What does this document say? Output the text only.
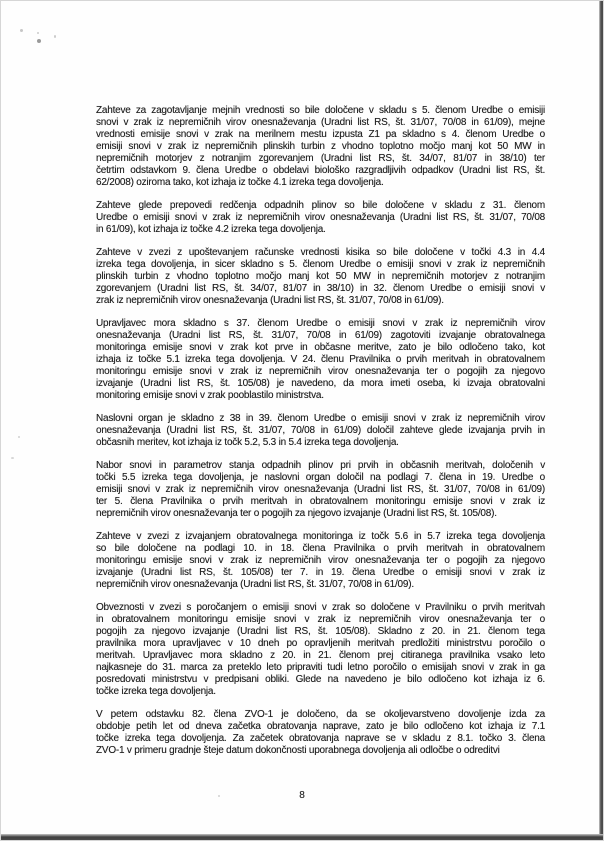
Zahteve za zagotavljanje mejnih vrednosti so bile določene v skladu s 5. členom Uredbe o emisiji
snovi v zrak iz nepremičnih virov onesnaževanja (Uradni list RS, št. 31/07, 70/08 in 61/09), mejne
vrednosti emisije snovi v zrak na merilnem mestu izpusta Z1 pa skladno s 4. členom Uredbe o
emisiji snovi v zrak iz nepremičnih plinskih turbin z vhodno toplotno močjo manj kot 50 MW in
nepremičnih motorjev z notranjim zgorevanjem (Uradni list RS, št. 34/07, 81/07 in 38/10) ter
četrtim odstavkom 9. člena Uredbe o obdelavi biološko razgradljivih odpadkov (Uradni list RS, št.
62/2008) oziroma tako, kot izhaja iz točke 4.1 izreka tega dovoljenja.
Zahteve glede prepovedi redčenja odpadnih plinov so bile določene v skladu z 31. členom
Uredbe o emisiji snovi v zrak iz nepremičnih virov onesnaževanja (Uradni list RS, št. 31/07, 70/08
in 61/09), kot izhaja iz točke 4.2 izreka tega dovoljenja.
Zahteve v zvezi z upoštevanjem računske vrednosti kisika so bile določene v točki 4.3 in 4.4
izreka tega dovoljenja, in sicer skladno s 5. členom Uredbe o emisiji snovi v zrak iz nepremičnih
plinskih turbin z vhodno toplotno močjo manj kot 50 MW in nepremičnih motorjev z notranjim
zgorevanjem (Uradni list RS, št. 34/07, 81/07 in 38/10) in 32. členom Uredbe o emisiji snovi v
zrak iz nepremičnih virov onesnaževanja (Uradni list RS, št. 31/07, 70/08 in 61/09).
Upravljavec mora skladno s 37. členom Uredbe o emisiji snovi v zrak iz nepremičnih virov
onesnaževanja (Uradni list RS, št. 31/07, 70/08 in 61/09) zagotoviti izvajanje obratovalnega
monitoringa emisije snovi v zrak kot prve in občasne meritve, zato je bilo odločeno tako, kot
izhaja iz točke 5.1 izreka tega dovoljenja. V 24. členu Pravilnika o prvih meritvah in obratovalnem
monitoringu emisije snovi v zrak iz nepremičnih virov onesnaževanja ter o pogojih za njegovo
izvajanje (Uradni list RS, št. 105/08) je navedeno, da mora imeti oseba, ki izvaja obratovalni
monitoring emisije snovi v zrak pooblastilo ministrstva.
Naslovni organ je skladno z 38 in 39. členom Uredbe o emisiji snovi v zrak iz nepremičnih virov
onesnaževanja (Uradni list RS, št. 31/07, 70/08 in 61/09) določil zahteve glede izvajanja prvih in
občasnih meritev, kot izhaja iz točk 5.2, 5.3 in 5.4 izreka tega dovoljenja.
Nabor snovi in parametrov stanja odpadnih plinov pri prvih in občasnih meritvah, določenih v
točki 5.5 izreka tega dovoljenja, je naslovni organ določil na podlagi 7. člena in 19. Uredbe o
emisiji snovi v zrak iz nepremičnih virov onesnaževanja (Uradni list RS, št. 31/07, 70/08 in 61/09)
ter 5. člena Pravilnika o prvih meritvah in obratovalnem monitoringu emisije snovi v zrak iz
nepremičnih virov onesnaževanja ter o pogojih za njegovo izvajanje (Uradni list RS, št. 105/08).
Zahteve v zvezi z izvajanjem obratovalnega monitoringa iz točk 5.6 in 5.7 izreka tega dovoljenja
so bile določene na podlagi 10. in 18. člena Pravilnika o prvih meritvah in obratovalnem
monitoringu emisije snovi v zrak iz nepremičnih virov onesnaževanja ter o pogojih za njegovo
izvajanje (Uradni list RS, št. 105/08) ter 7. in 19. člena Uredbe o emisiji snovi v zrak iz
nepremičnih virov onesnaževanja (Uradni list RS, št. 31/07, 70/08 in 61/09).
Obveznosti v zvezi s poročanjem o emisiji snovi v zrak so določene v Pravilniku o prvih meritvah
in obratovalnem monitoringu emisije snovi v zrak iz nepremičnih virov onesnaževanja ter o
pogojih za njegovo izvajanje (Uradni list RS, št. 105/08). Skladno z 20. in 21. členom tega
pravilnika mora upravljavec v 10 dneh po opravljenih meritvah predložiti ministrstvu poročilo o
meritvah. Upravljavec mora skladno z 20. in 21. členom prej citiranega pravilnika vsako leto
najkasneje do 31. marca za preteklo leto pripraviti tudi letno poročilo o emisijah snovi v zrak in ga
posredovati ministrstvu v predpisani obliki. Glede na navedeno je bilo odločeno kot izhaja iz 6.
točke izreka tega dovoljenja.
V petem odstavku 82. člena ZVO-1 je določeno, da se okoljevarstveno dovoljenje izda za
obdobje petih let od dneva začetka obratovanja naprave, zato je bilo odločeno kot izhaja iz 7.1
točke izreka tega dovoljenja. Za začetek obratovanja naprave se v skladu z 8.1. točko 3. člena
ZVO-1 v primeru gradnje šteje datum dokončnosti uporabnega dovoljenja ali odločbe o odreditvi
8
